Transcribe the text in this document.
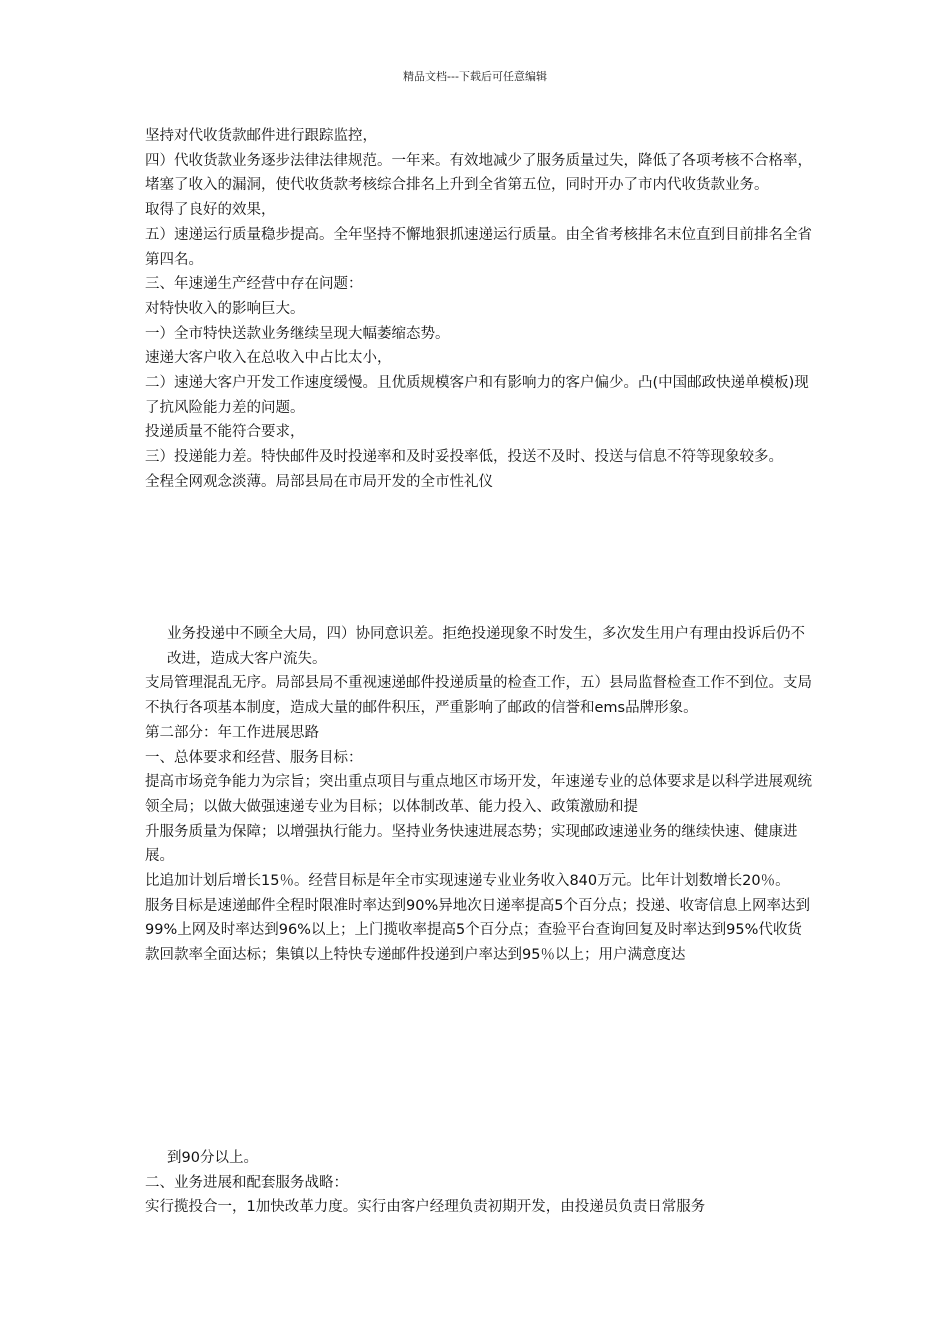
精品文档---下载后可任意编辑

坚持对代收货款邮件进行跟踪监控，

四）代收货款业务逐步法律法律规范。一年来。有效地减少了服务质量过失，降低了各项考核不合格率，堵塞了收入的漏洞，使代收货款考核综合排名上升到全省第五位，同时开办了市内代收货款业务。

取得了良好的效果，

五）速递运行质量稳步提高。全年坚持不懈地狠抓速递运行质量。由全省考核排名末位直到目前排名全省第四名。

三、年速递生产经营中存在问题：

对特快收入的影响巨大。

一）全市特快送款业务继续呈现大幅萎缩态势。

速递大客户收入在总收入中占比太小，

二）速递大客户开发工作速度缓慢。且优质规模客户和有影响力的客户偏少。凸(中国邮政快递单模板)现了抗风险能力差的问题。

投递质量不能符合要求，

三）投递能力差。特快邮件及时投递率和及时妥投率低，投送不及时、投送与信息不符等现象较多。

全程全网观念淡薄。局部县局在市局开发的全市性礼仪

业务投递中不顾全大局，四）协同意识差。拒绝投递现象不时发生，多次发生用户有理由投诉后仍不改进，造成大客户流失。

支局管理混乱无序。局部县局不重视速递邮件投递质量的检查工作，五）县局监督检查工作不到位。支局不执行各项基本制度，造成大量的邮件积压，严重影响了邮政的信誉和ems品牌形象。

第二部分：年工作进展思路

一、总体要求和经营、服务目标：

提高市场竞争能力为宗旨；突出重点项目与重点地区市场开发，年速递专业的总体要求是以科学进展观统领全局；以做大做强速递专业为目标；以体制改革、能力投入、政策激励和提

升服务质量为保障；以增强执行能力。坚持业务快速进展态势；实现邮政速递业务的继续快速、健康进展。

比追加计划后增长15％。经营目标是年全市实现速递专业业务收入840万元。比年计划数增长20％。

服务目标是速递邮件全程时限准时率达到90%异地次日递率提高5个百分点；投递、收寄信息上网率达到99%上网及时率达到96%以上；上门揽收率提高5个百分点；查验平台查询回复及时率达到95%代收货款回款率全面达标；集镇以上特快专递邮件投递到户率达到95％以上；用户满意度达

到90分以上。

二、业务进展和配套服务战略：

实行揽投合一，1加快改革力度。实行由客户经理负责初期开发，由投递员负责日常服务
